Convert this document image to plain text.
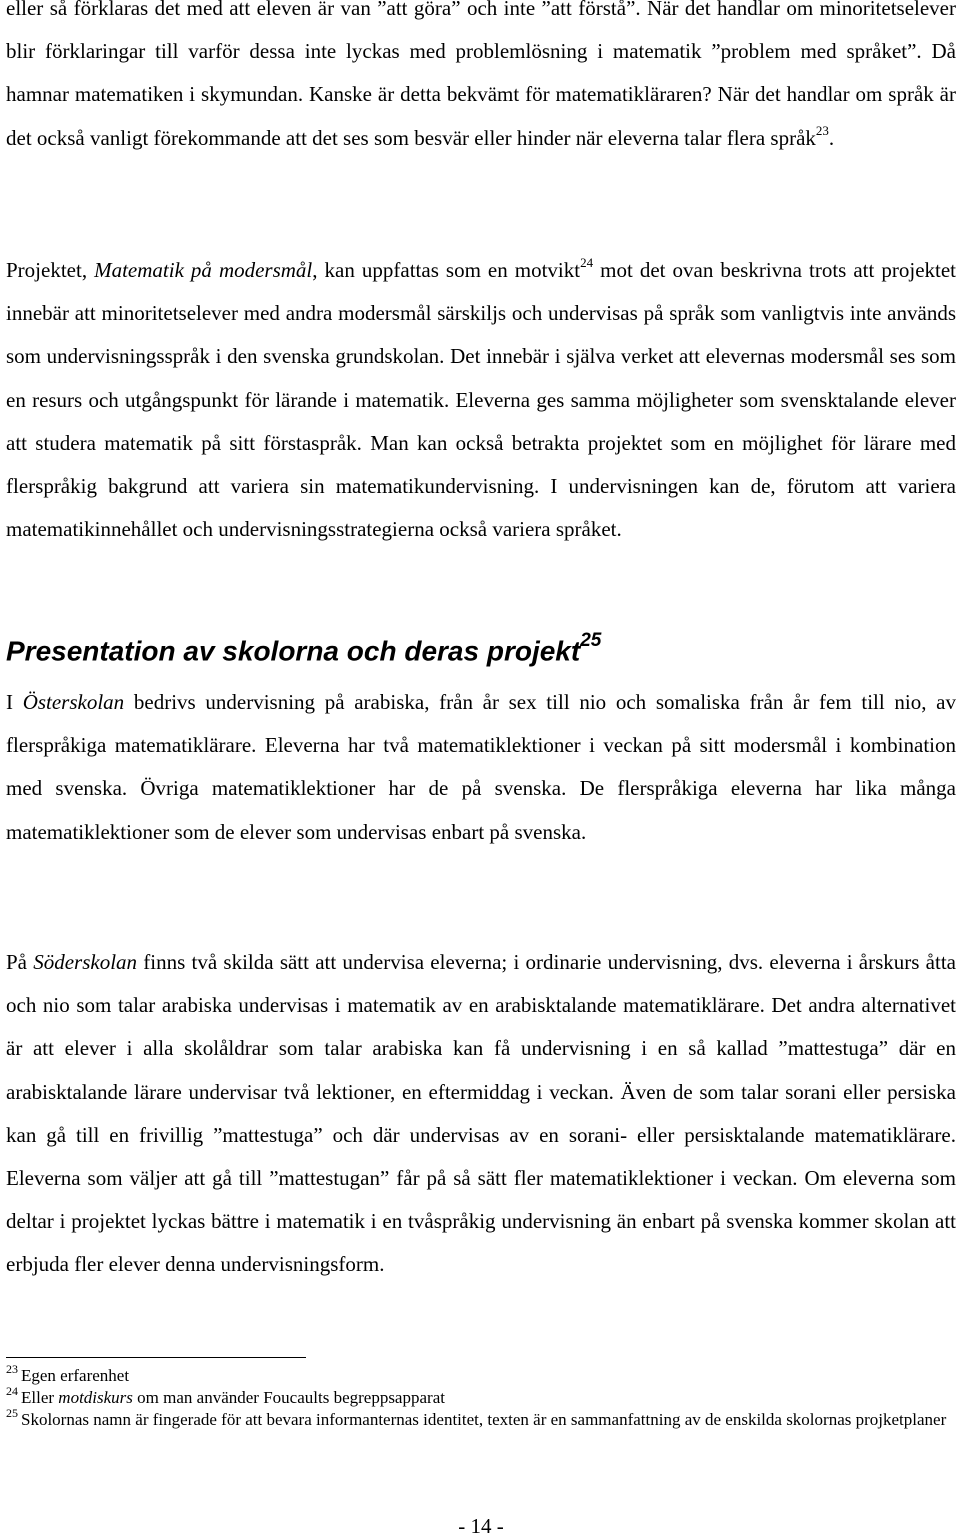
eller så förklaras det med att eleven är van ”att göra” och inte ”att förstå”. När det handlar om minoritetselever blir förklaringar till varför dessa inte lyckas med problemlösning i matematik ”problem med språket”. Då hamnar matematiken i skymundan. Kanske är detta bekvämt för matematikläraren? När det handlar om språk är det också vanligt förekommande att det ses som besvär eller hinder när eleverna talar flera språk$^{23}$.

Projektet, Matematik på modersmål, kan uppfattas som en motvikt$^{24}$ mot det ovan beskrivna trots att projektet innebär att minoritetselever med andra modersmål särskiljs och undervisas på språk som vanligtvis inte används som undervisningsspråk i den svenska grundskolan. Det innebär i själva verket att elevernas modersmål ses som en resurs och utgångspunkt för lärande i matematik. Eleverna ges samma möjligheter som svensktalande elever att studera matematik på sitt förstaspråk. Man kan också betrakta projektet som en möjlighet för lärare med flerspråkig bakgrund att variera sin matematikundervisning. I undervisningen kan de, förutom att variera matematikinnehållet och undervisningsstrategierna också variera språket.

Presentation av skolorna och deras projekt$^{25}$

I Österskolan bedrivs undervisning på arabiska, från år sex till nio och somaliska från år fem till nio, av flerspråkiga matematiklärare. Eleverna har två matematiklektioner i veckan på sitt modersmål i kombination med svenska. Övriga matematiklektioner har de på svenska. De flerspråkiga eleverna har lika många matematiklektioner som de elever som undervisas enbart på svenska.

På Söderskolan finns två skilda sätt att undervisa eleverna; i ordinarie undervisning, dvs. eleverna i årskurs åtta och nio som talar arabiska undervisas i matematik av en arabisktalande matematiklärare. Det andra alternativet är att elever i alla skolåldrar som talar arabiska kan få undervisning i en så kallad ”mattestuga” där en arabisktalande lärare undervisar två lektioner, en eftermiddag i veckan. Även de som talar sorani eller persiska kan gå till en frivillig ”mattestuga” och där undervisas av en sorani- eller persisktalande matematiklärare. Eleverna som väljer att gå till ”mattestugan” får på så sätt fler matematiklektioner i veckan. Om eleverna som deltar i projektet lyckas bättre i matematik i en tvåspråkig undervisning än enbart på svenska kommer skolan att erbjuda fler elever denna undervisningsform.

$^{23}$ Egen erfarenhet

$^{24}$ Eller motdiskurs om man använder Foucaults begreppsapparat

$^{25}$ Skolornas namn är fingerade för att bevara informanternas identitet, texten är en sammanfattning av de enskilda skolornas projketplaner

- 14 -
